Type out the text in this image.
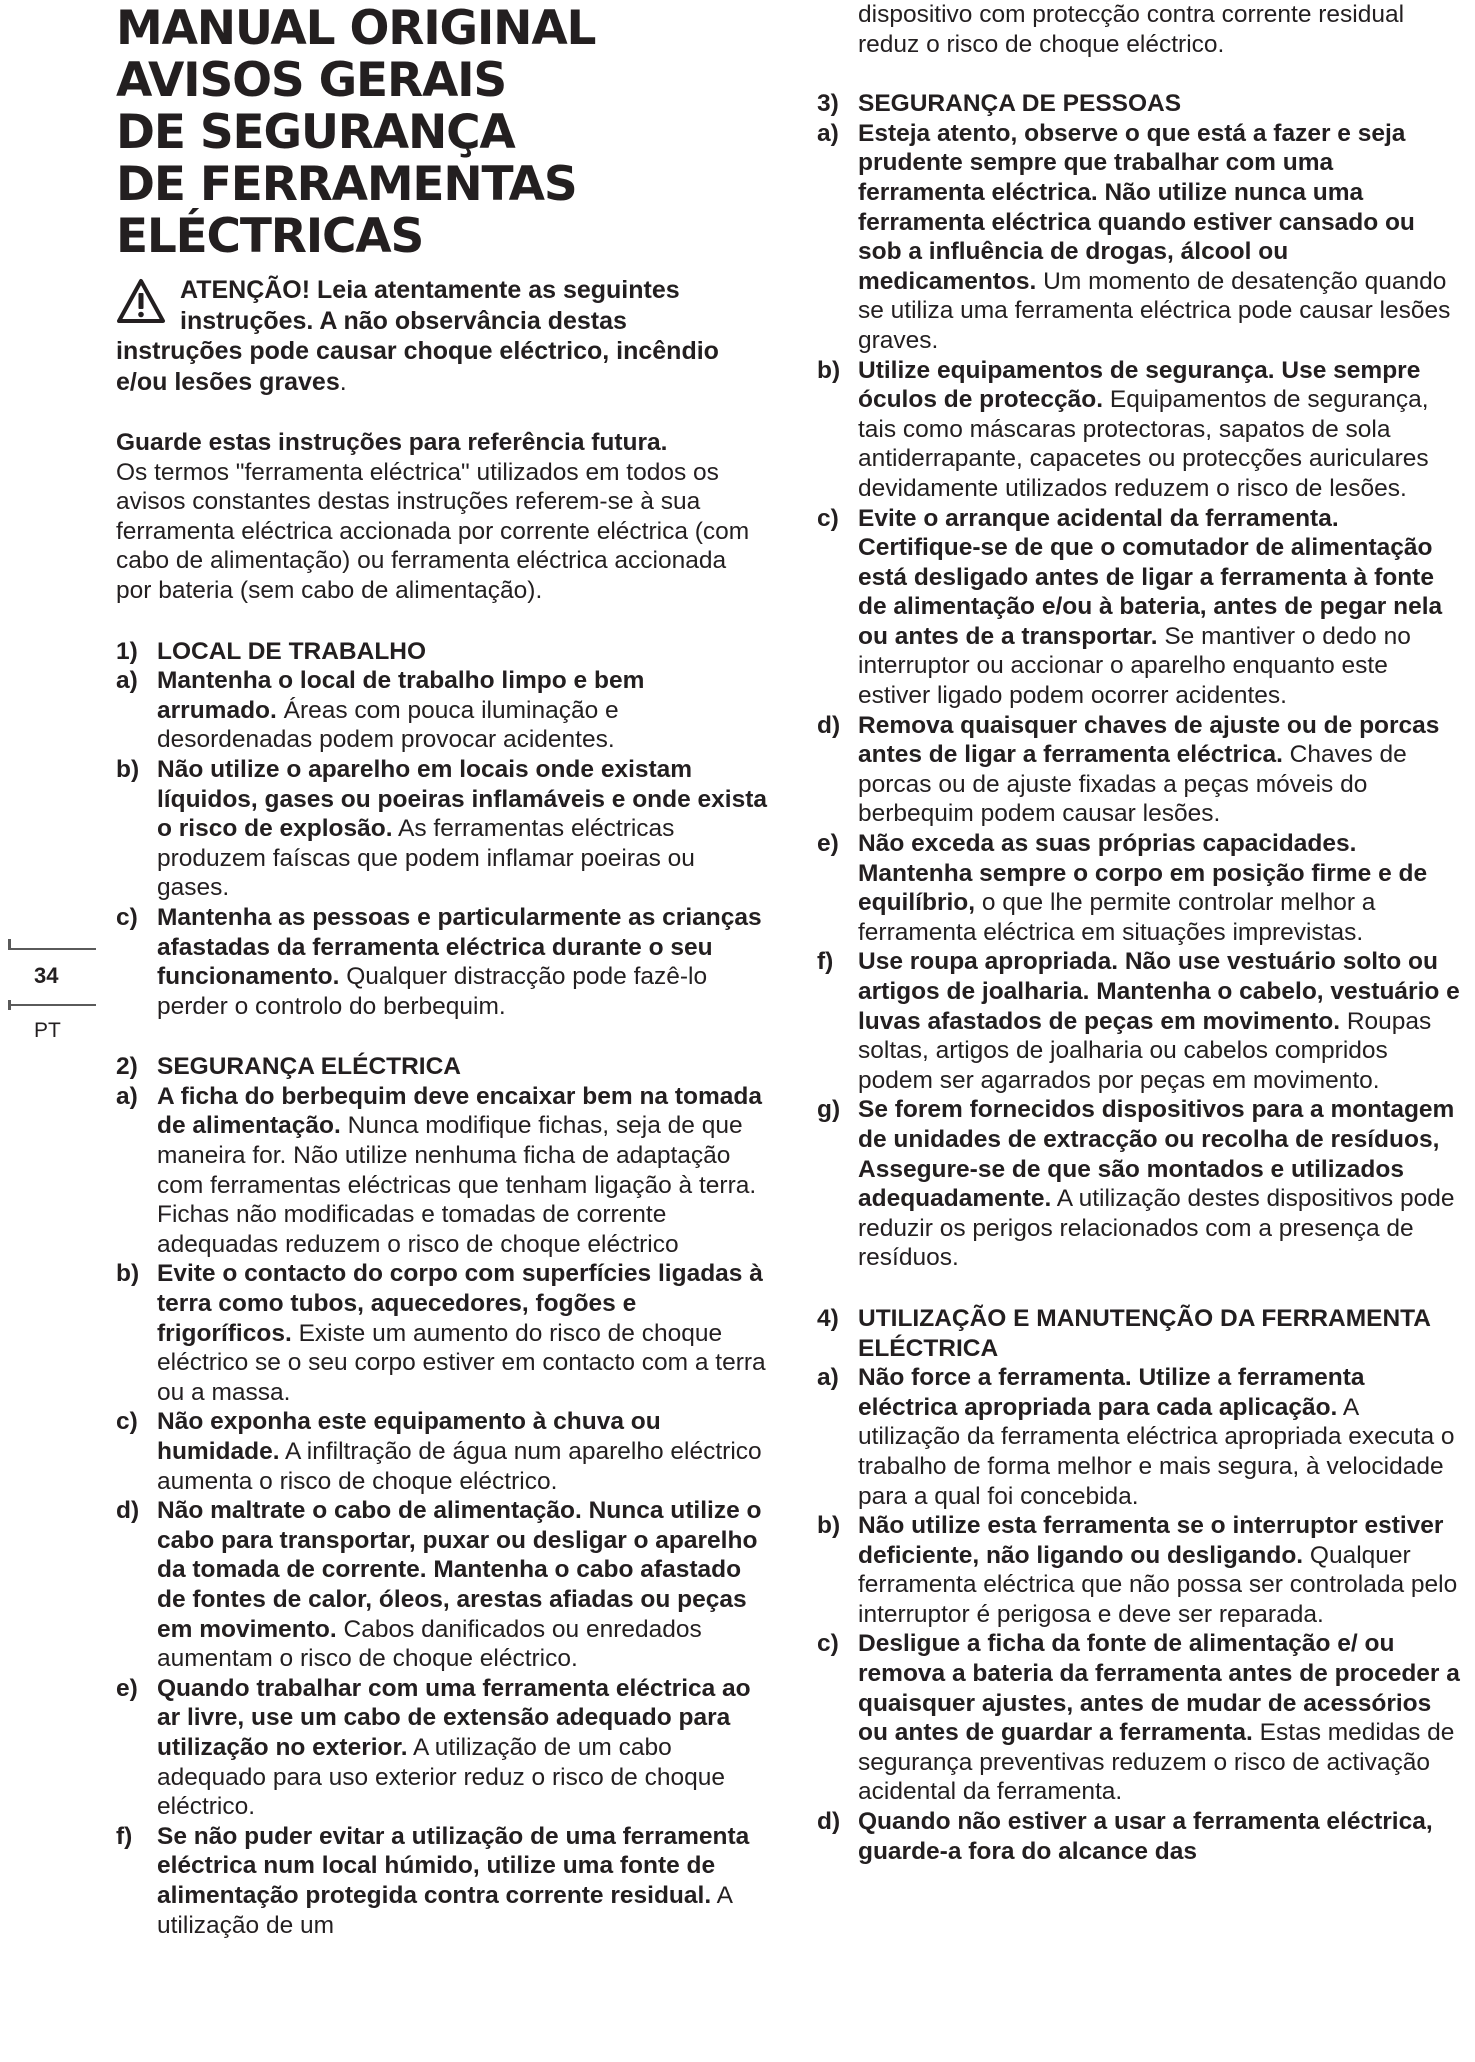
MANUAL ORIGINAL
AVISOS GERAIS
DE SEGURANÇA
DE FERRAMENTAS
ELÉCTRICAS
ATENÇÃO! Leia atentamente as seguintes
instruções. A não observância destas
instruções pode causar choque eléctrico, incêndio e/ou lesões graves.
Guarde estas instruções para referência futura.
Os termos "ferramenta eléctrica" utilizados em todos os avisos constantes destas instruções referem-se à sua ferramenta eléctrica accionada por corrente eléctrica (com cabo de alimentação) ou ferramenta eléctrica accionada por bateria (sem cabo de alimentação).
1) LOCAL DE TRABALHO
a) Mantenha o local de trabalho limpo e bem arrumado. Áreas com pouca iluminação e desordenadas podem provocar acidentes.
b) Não utilize o aparelho em locais onde existam líquidos, gases ou poeiras inflamáveis e onde exista o risco de explosão. As ferramentas eléctricas produzem faíscas que podem inflamar poeiras ou gases.
c) Mantenha as pessoas e particularmente as crianças afastadas da ferramenta eléctrica durante o seu funcionamento. Qualquer distracção pode fazê-lo perder o controlo do berbequim.
2) SEGURANÇA ELÉCTRICA
a) A ficha do berbequim deve encaixar bem na tomada de alimentação. Nunca modifique fichas, seja de que maneira for. Não utilize nenhuma ficha de adaptação com ferramentas eléctricas que tenham ligação à terra. Fichas não modificadas e tomadas de corrente adequadas reduzem o risco de choque eléctrico
b) Evite o contacto do corpo com superfícies ligadas à terra como tubos, aquecedores, fogões e frigoríficos. Existe um aumento do risco de choque eléctrico se o seu corpo estiver em contacto com a terra ou a massa.
c) Não exponha este equipamento à chuva ou humidade. A infiltração de água num aparelho eléctrico aumenta o risco de choque eléctrico.
d) Não maltrate o cabo de alimentação. Nunca utilize o cabo para transportar, puxar ou desligar o aparelho da tomada de corrente. Mantenha o cabo afastado de fontes de calor, óleos, arestas afiadas ou peças em movimento. Cabos danificados ou enredados aumentam o risco de choque eléctrico.
e) Quando trabalhar com uma ferramenta eléctrica ao ar livre, use um cabo de extensão adequado para utilização no exterior. A utilização de um cabo adequado para uso exterior reduz o risco de choque eléctrico.
f)	Se não puder evitar a utilização de uma ferramenta eléctrica num local húmido, utilize uma fonte de alimentação protegida contra corrente residual. A utilização de um
dispositivo com protecção contra corrente residual reduz o risco de choque eléctrico.
3) SEGURANÇA DE PESSOAS
a) Esteja atento, observe o que está a fazer e seja prudente sempre que trabalhar com uma ferramenta eléctrica. Não utilize nunca uma ferramenta eléctrica quando estiver cansado ou sob a influência de drogas, álcool ou medicamentos. Um momento de desatenção quando se utiliza uma ferramenta eléctrica pode causar lesões graves.
b) Utilize equipamentos de segurança. Use sempre óculos de protecção. Equipamentos de segurança, tais como máscaras protectoras, sapatos de sola antiderrapante, capacetes ou protecções auriculares devidamente utilizados reduzem o risco de lesões.
c) Evite o arranque acidental da ferramenta. Certifique-se de que o comutador de alimentação está desligado antes de ligar a ferramenta à fonte de alimentação e/ou à bateria, antes de pegar nela ou antes de a transportar. Se mantiver o dedo no interruptor ou accionar o aparelho enquanto este estiver ligado podem ocorrer acidentes.
d) Remova quaisquer chaves de ajuste ou de porcas antes de ligar a ferramenta eléctrica. Chaves de porcas ou de ajuste fixadas a peças móveis do berbequim podem causar lesões.
e) Não exceda as suas próprias capacidades. Mantenha sempre o corpo em posição firme e de equilíbrio, o que lhe permite controlar melhor a ferramenta eléctrica em situações imprevistas.
f)	Use roupa apropriada. Não use vestuário solto ou artigos de joalharia. Mantenha o cabelo, vestuário e luvas afastados de peças em movimento. Roupas soltas, artigos de joalharia ou cabelos compridos podem ser agarrados por peças em movimento.
g) Se forem fornecidos dispositivos para a montagem de unidades de extracção ou recolha de resíduos, Assegure-se de que são montados e utilizados adequadamente. A utilização destes dispositivos pode reduzir os perigos relacionados com a presença de resíduos.
4) UTILIZAÇÃO E MANUTENÇÃO DA FERRAMENTA ELÉCTRICA
a) Não force a ferramenta. Utilize a ferramenta eléctrica apropriada para cada aplicação. A utilização da ferramenta eléctrica apropriada executa o trabalho de forma melhor e mais segura, à velocidade para a qual foi concebida.
b) Não utilize esta ferramenta se o interruptor estiver deficiente, não ligando ou desligando. Qualquer ferramenta eléctrica que não possa ser controlada pelo interruptor é perigosa e deve ser reparada.
c) Desligue a ficha da fonte de alimentação e/ ou remova a bateria da ferramenta antes de proceder a quaisquer ajustes, antes de mudar de acessórios ou antes de guardar a ferramenta. Estas medidas de segurança preventivas reduzem o risco de activação acidental da ferramenta.
d) Quando não estiver a usar a ferramenta eléctrica, guarde-a fora do alcance das
34
PT
